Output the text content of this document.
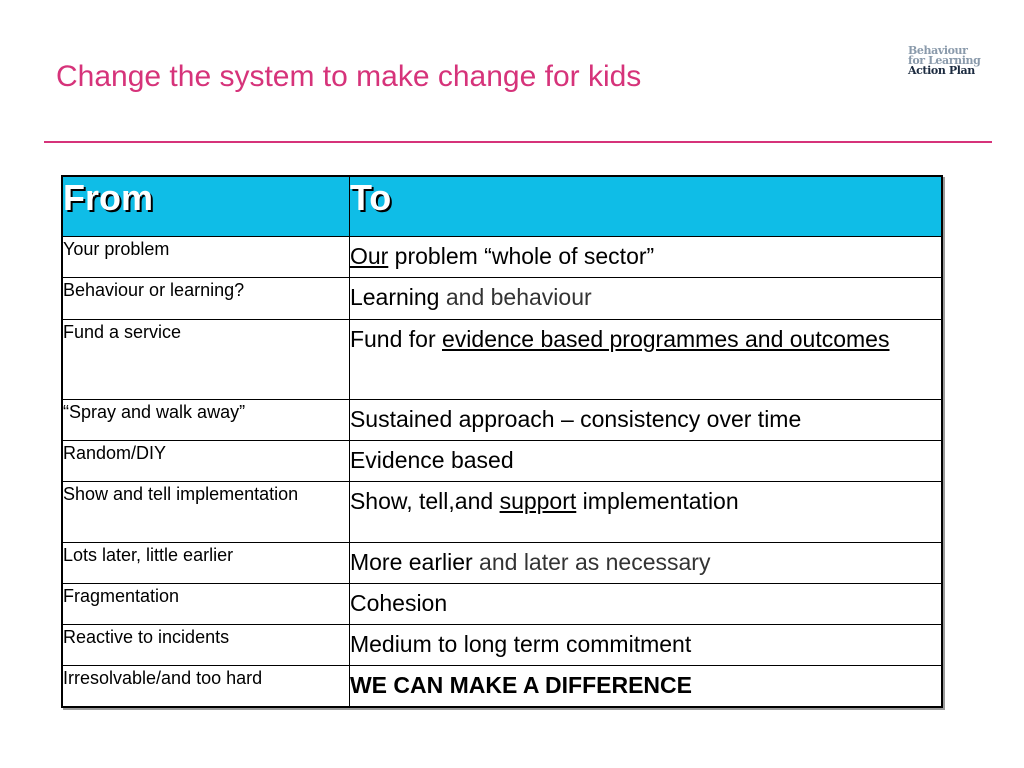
Change the system to make change for kids
Behaviour
for Learning
Action Plan
From	To
Your problem	Our problem “whole of sector”
Behaviour or learning?	Learning and behaviour
Fund a service	Fund for evidence based programmes and outcomes
“Spray and walk away”	Sustained approach – consistency over time
Random/DIY	Evidence based
Show and tell implementation	Show, tell,and support implementation
Lots later, little earlier	More earlier and later as necessary
Fragmentation	Cohesion
Reactive to incidents	Medium to long term commitment
Irresolvable/and too hard	WE CAN MAKE A DIFFERENCE
